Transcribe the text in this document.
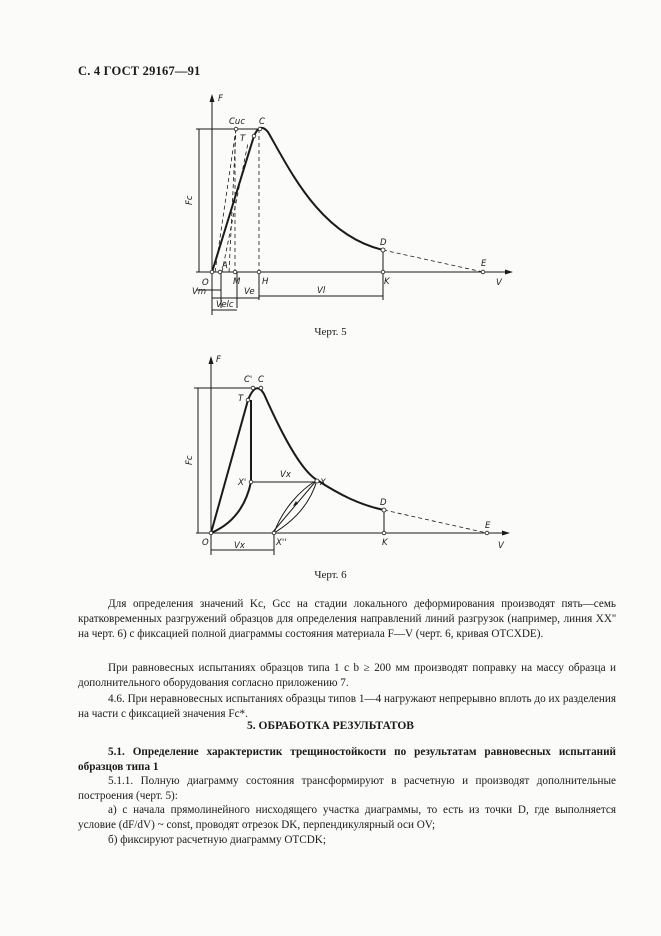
С. 4 ГОСТ 29167—91
F
Fс
Cuс C
T
D
E
O
A
M	H	K	V
Vm	Ve	Vl
Velс
Черт. 5
F
Fс
C' C
T
X'	X
X''
D
E
O	K	V
Vx
Vx
Черт. 6

Для определения значений Kс, Gсс на стадии локального деформирования производят пять—семь кратковременных разгружений образцов для определения направлений линий разгрузок (например, линия XX'' на черт. 6) с фиксацией полной диаграммы состояния материала F—V (черт. 6, кривая OTCXDE).

При равновесных испытаниях образцов типа 1 с b ≥ 200 мм производят поправку на массу образца и дополнительного оборудования согласно приложению 7.

4.6. При неравновесных испытаниях образцы типов 1—4 нагружают непрерывно вплоть до их разделения на части с фиксацией значения Fс*.

5. ОБРАБОТКА РЕЗУЛЬТАТОВ

5.1. Определение характеристик трещиностойкости по результатам равновесных испытаний образцов типа 1

5.1.1. Полную диаграмму состояния трансформируют в расчетную и производят дополнительные построения (черт. 5):

а) с начала прямолинейного нисходящего участка диаграммы, то есть из точки D, где выполняется условие (dF/dV) ~ const, проводят отрезок DK, перпендикулярный оси OV;

б) фиксируют расчетную диаграмму OTCDK;
